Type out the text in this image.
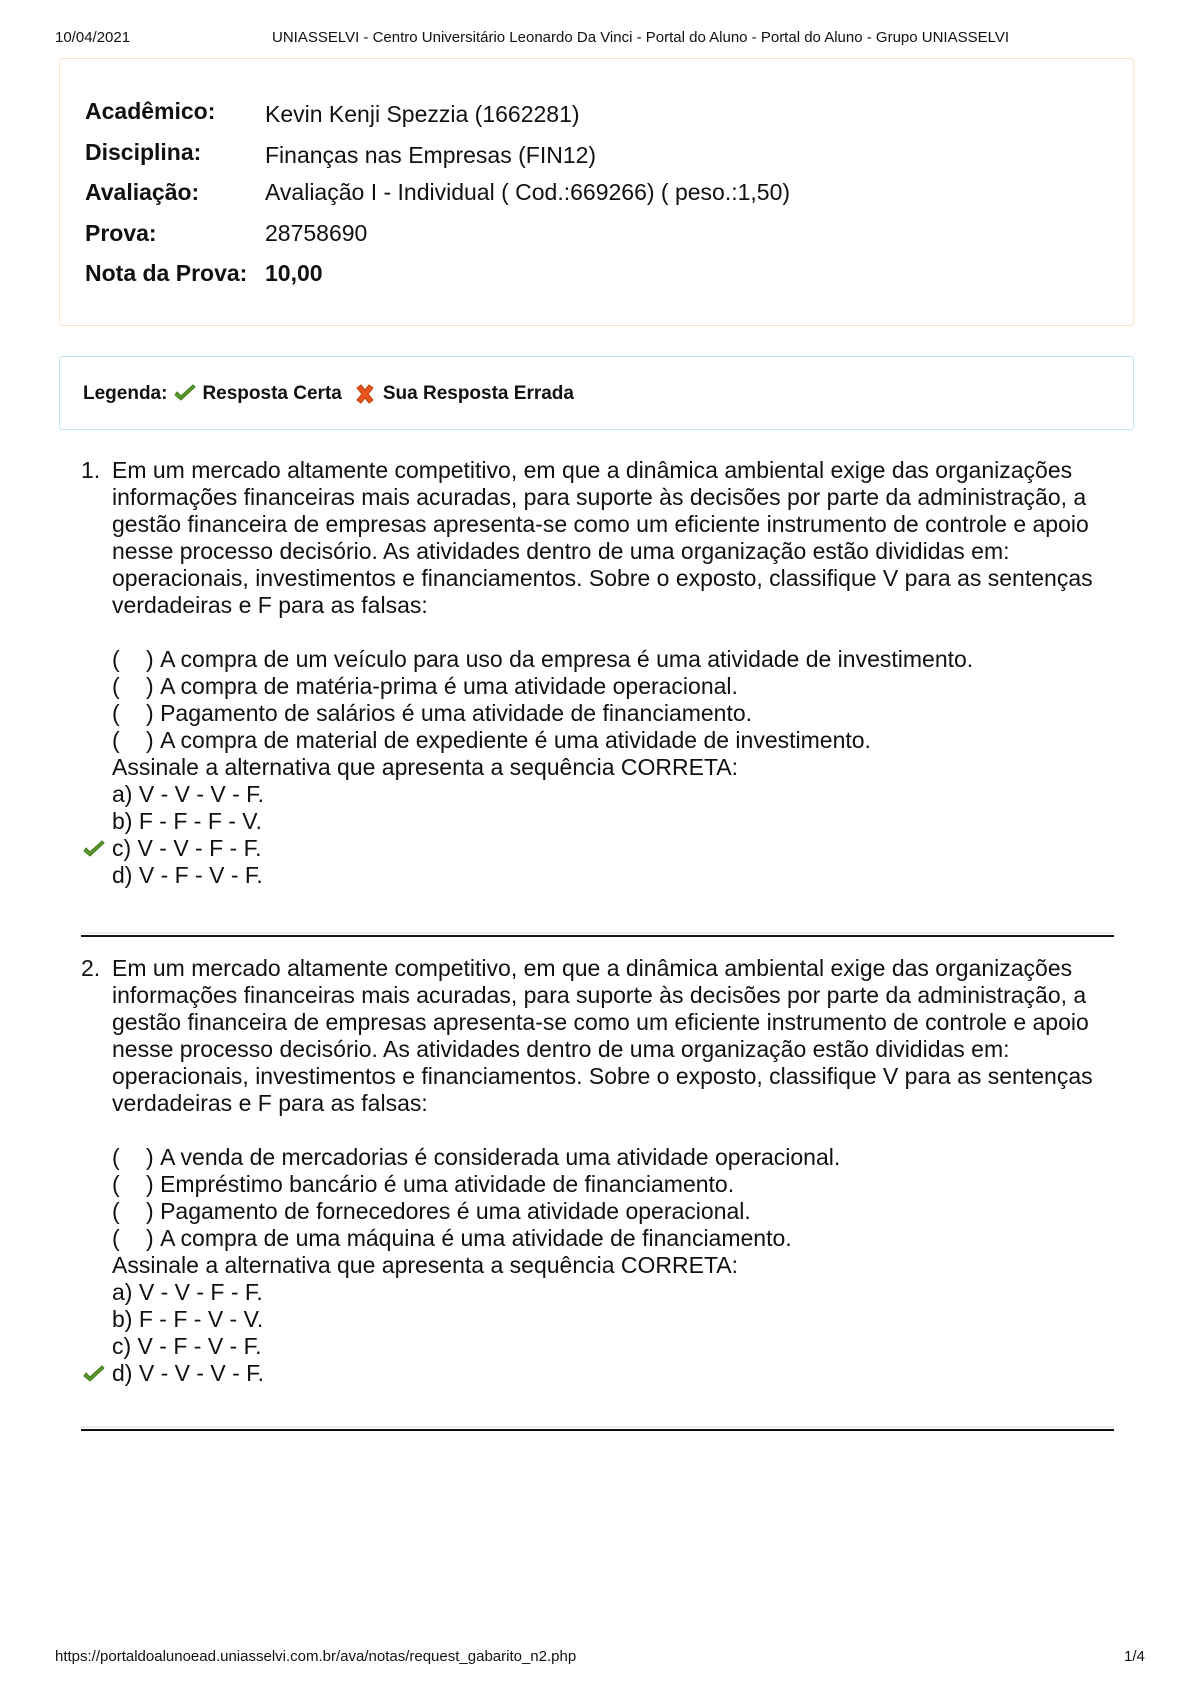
10/04/2021	UNIASSELVI - Centro Universitário Leonardo Da Vinci - Portal do Aluno - Portal do Aluno - Grupo UNIASSELVI
Acadêmico: Kevin Kenji Spezzia (1662281)
Disciplina:	Finanças nas Empresas (FIN12)
Avaliação:	Avaliação I - Individual ( Cod.:669266) ( peso.:1,50)
Prova:	28758690
Nota da Prova: 10,00
Legenda: Resposta Certa Sua Resposta Errada
1. Em um mercado altamente competitivo, em que a dinâmica ambiental exige das organizações informações financeiras mais acuradas, para suporte às decisões por parte da administração, a gestão financeira de empresas apresenta-se como um eficiente instrumento de controle e apoio nesse processo decisório. As atividades dentro de uma organização estão divididas em: operacionais, investimentos e financiamentos. Sobre o exposto, classifique V para as sentenças verdadeiras e F para as falsas:

(	)
A compra de um veículo para uso da empresa é uma atividade de investimento.
(	)
A compra de matéria-prima é uma atividade operacional.
(	)
Pagamento de salários é uma atividade de financiamento.
(	)
A compra de material de expediente é uma atividade de investimento.

Assinale a alternativa que apresenta a sequência CORRETA:

a) V - V - V - F.
b) F - F - F - V.
c) V - V - F - F.
d) V - F - V - F.
2. Em um mercado altamente competitivo, em que a dinâmica ambiental exige das organizações informações financeiras mais acuradas, para suporte às decisões por parte da administração, a gestão financeira de empresas apresenta-se como um eficiente instrumento de controle e apoio nesse processo decisório. As atividades dentro de uma organização estão divididas em: operacionais, investimentos e financiamentos. Sobre o exposto, classifique V para as sentenças verdadeiras e F para as falsas:

(	)
A venda de mercadorias é considerada uma atividade operacional.
(	)
Empréstimo bancário é uma atividade de financiamento.
(	)
Pagamento de fornecedores é uma atividade operacional.
(	)
A compra de uma máquina é uma atividade de financiamento.

Assinale a alternativa que apresenta a sequência CORRETA:

a) V - V - F - F.
b) F - F - V - V.
c) V - F - V - F.
d) V - V - V - F.
https://portaldoalunoead.uniasselvi.com.br/ava/notas/request_gabarito_n2.php	1/4
